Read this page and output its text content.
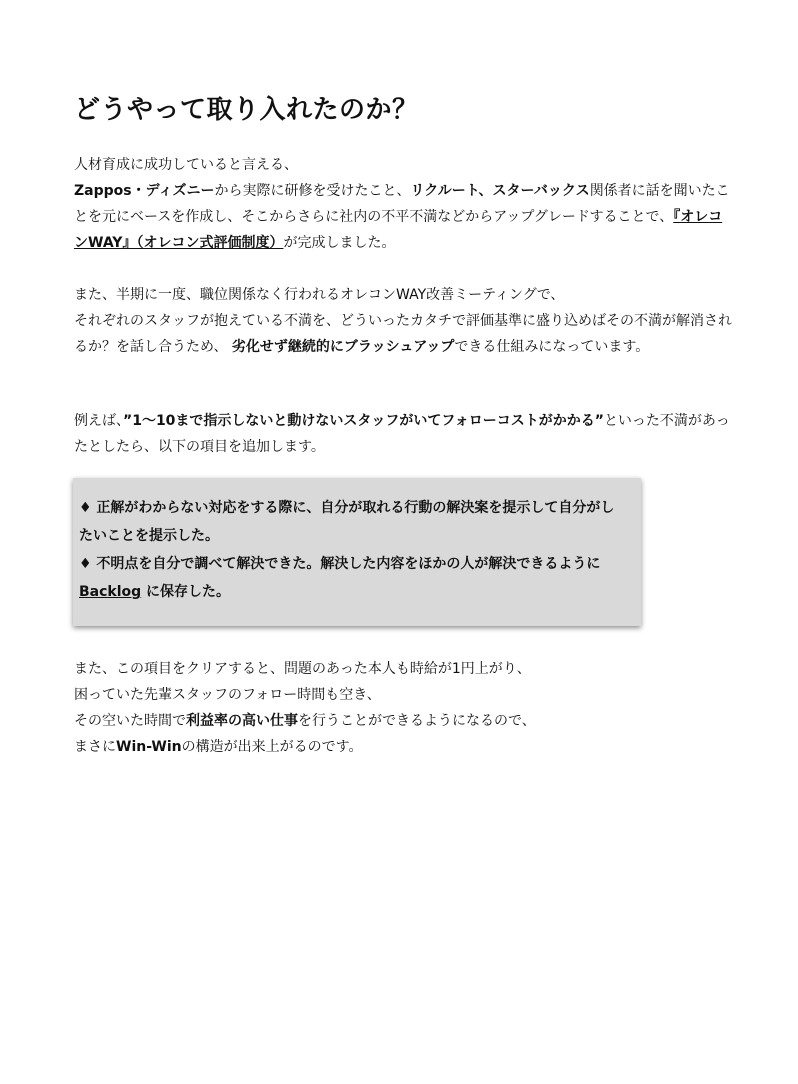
どうやって取り入れたのか？

人材育成に成功していると言える、
Zappos・ディズニーから実際に研修を受けたこと、リクルート、スターバックス関係者に話を聞いたことを元にベースを作成し、そこからさらに社内の不平不満などからアップグレードすることで、『オレコンWAY』（オレコン式評価制度）が完成しました。

また、半期に一度、職位関係なく行われるオレコンWAY改善ミーティングで、
それぞれのスタッフが抱えている不満を、どういったカタチで評価基準に盛り込めばその不満が解消されるか？を話し合うため、 劣化せず継続的にブラッシュアップできる仕組みになっています。

例えば、”1〜10まで指示しないと動けないスタッフがいてフォローコストがかかる”といった不満があったとしたら、以下の項目を追加します。

♦ 正解がわからない対応をする際に、自分が取れる行動の解決案を提示して自分がしたいことを提示した。

♦ 不明点を自分で調べて解決できた。解決した内容をほかの人が解決できるように Backlog に保存した。

また、この項目をクリアすると、問題のあった本人も時給が1円上がり、
困っていた先輩スタッフのフォロー時間も空き、
その空いた時間で利益率の高い仕事を行うことができるようになるので、
まさにWin-Winの構造が出来上がるのです。
